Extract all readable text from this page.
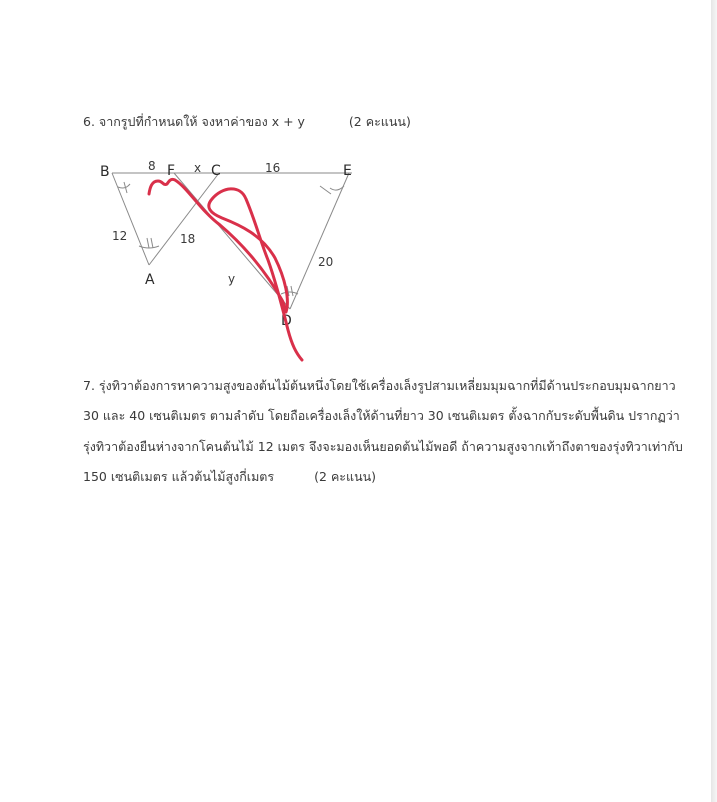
6. จากรูปที่กำหนดให้ จงหาค่าของ x + y	(2 คะแนน)
B	F	C	E
A
D
8	x	16
12	18
20
y
7. รุ่งทิวาต้องการหาความสูงของต้นไม้ต้นหนึ่งโดยใช้เครื่องเล็งรูปสามเหลี่ยมมุมฉากที่มีด้านประกอบมุมฉากยาว
30 และ 40 เซนติเมตร ตามลำดับ โดยถือเครื่องเล็งให้ด้านที่ยาว 30 เซนติเมตร ตั้งฉากกับระดับพื้นดิน ปรากฏว่า
รุ่งทิวาต้องยืนห่างจากโคนต้นไม้ 12 เมตร จึงจะมองเห็นยอดต้นไม้พอดี ถ้าความสูงจากเท้าถึงตาของรุ่งทิวาเท่ากับ
150 เซนติเมตร แล้วต้นไม้สูงกี่เมตร	(2 คะแนน)
